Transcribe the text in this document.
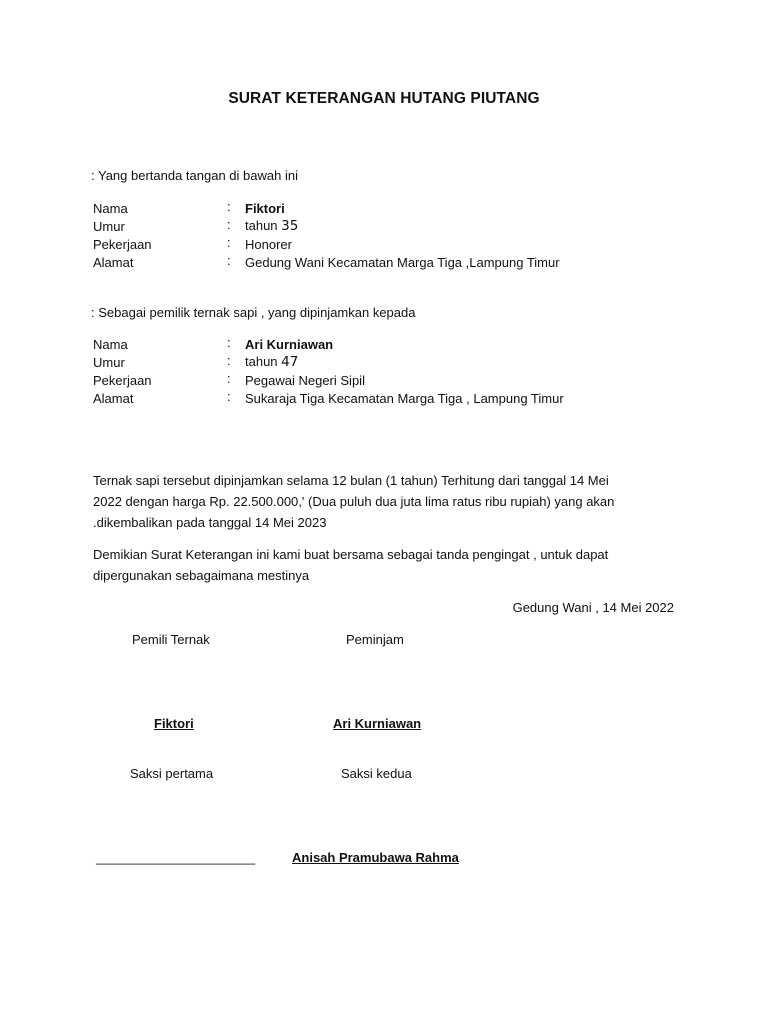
SURAT KETERANGAN HUTANG PIUTANG
: Yang bertanda tangan di bawah ini
Nama	: Fiktori
Umur	: tahun 35
Pekerjaan	: Honorer
Alamat	: Gedung Wani Kecamatan Marga Tiga ,Lampung Timur
: Sebagai pemilik ternak sapi , yang dipinjamkan kepada
Nama	: Ari Kurniawan
Umur	: tahun 47
Pekerjaan	: Pegawai Negeri Sipil
Alamat	: Sukaraja Tiga Kecamatan Marga Tiga , Lampung Timur
Ternak sapi tersebut dipinjamkan selama 12 bulan (1 tahun) Terhitung dari tanggal 14 Mei
2022 dengan harga Rp. 22.500.000,' (Dua puluh dua juta lima ratus ribu rupiah) yang akan
.dikembalikan pada tanggal 14 Mei 2023
Demikian Surat Keterangan ini kami buat bersama sebagai tanda pengingat , untuk dapat
dipergunakan sebagaimana mestinya
Gedung Wani , 14 Mei 2022
Pemili Ternak	Peminjam
Fiktori	Ari Kurniawan
Saksi pertama	Saksi kedua
______________________	Anisah Pramubawa Rahma
